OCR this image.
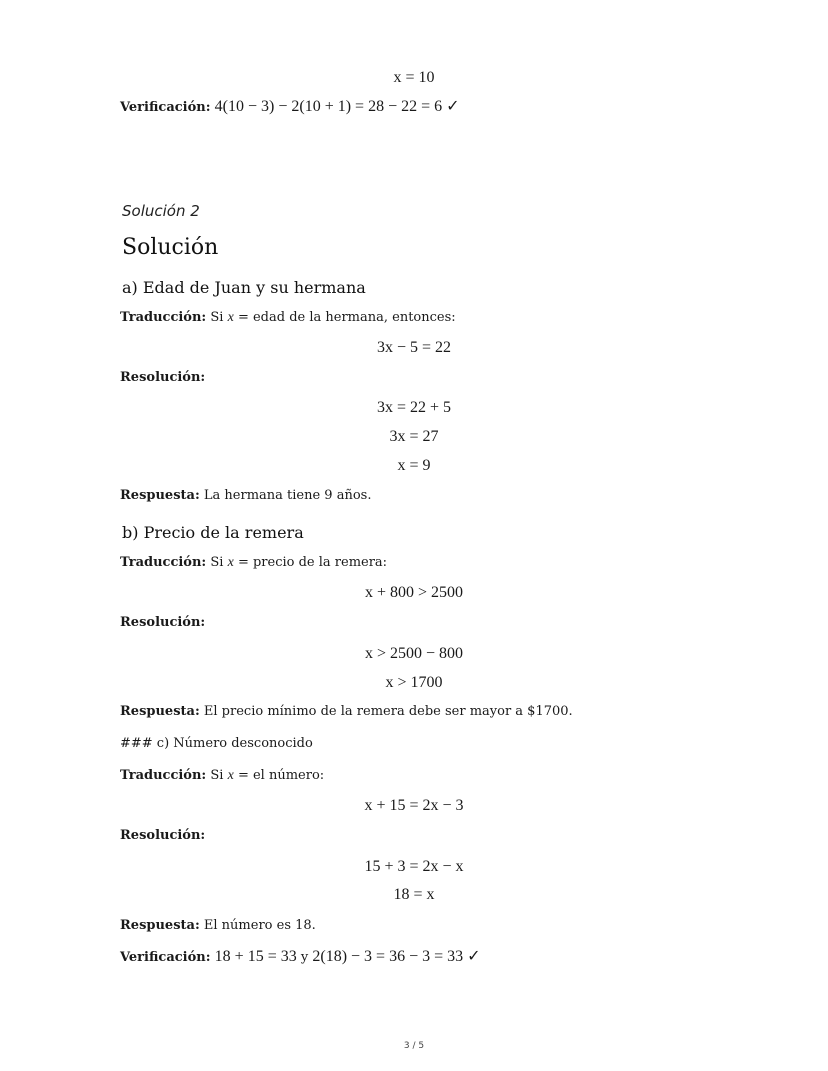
x = 10
Verificación: 4(10 − 3) − 2(10 + 1) = 28 − 22 = 6 ✓
Solución 2
Solución
a) Edad de Juan y su hermana
Traducción: Si x = edad de la hermana, entonces:
3x − 5 = 22
Resolución:
3x = 22 + 5
3x = 27
x = 9
Respuesta: La hermana tiene 9 años.
b) Precio de la remera
Traducción: Si x = precio de la remera:
x + 800 > 2500
Resolución:
x > 2500 − 800
x > 1700
Respuesta: El precio mínimo de la remera debe ser mayor a $1700.
### c) Número desconocido
Traducción: Si x = el número:
x + 15 = 2x − 3
Resolución:
15 + 3 = 2x − x
18 = x
Respuesta: El número es 18.
Verificación: 18 + 15 = 33 y 2(18) − 3 = 36 − 3 = 33 ✓
3 / 5
